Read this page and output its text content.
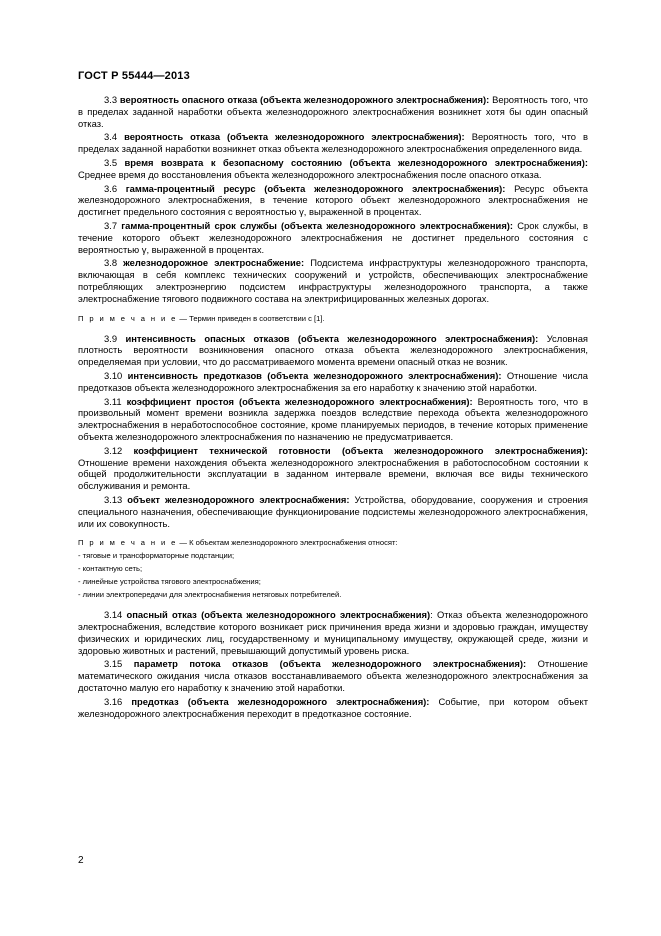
ГОСТ Р 55444—2013

3.3 вероятность опасного отказа (объекта железнодорожного электроснабжения): Вероятность того, что в пределах заданной наработки объекта железнодорожного электроснабжения возникнет хотя бы один опасный отказ.

3.4 вероятность отказа (объекта железнодорожного электроснабжения): Вероятность того, что в пределах заданной наработки возникнет отказ объекта железнодорожного электроснабжения определенного вида.

3.5 время возврата к безопасному состоянию (объекта железнодорожного электроснабжения): Среднее время до восстановления объекта железнодорожного электроснабжения после опасного отказа.

3.6 гамма-процентный ресурс (объекта железнодорожного электроснабжения): Ресурс объекта железнодорожного электроснабжения, в течение которого объект железнодорожного электроснабжения не достигнет предельного состояния с вероятностью γ, выраженной в процентах.

3.7 гамма-процентный срок службы (объекта железнодорожного электроснабжения): Срок службы, в течение которого объект железнодорожного электроснабжения не достигнет предельного состояния с вероятностью γ, выраженной в процентах.

3.8 железнодорожное электроснабжение: Подсистема инфраструктуры железнодорожного транспорта, включающая в себя комплекс технических сооружений и устройств, обеспечивающих электроснабжение потребляющих электроэнергию подсистем инфраструктуры железнодорожного транспорта, а также электроснабжение тягового подвижного состава на электрифицированных железных дорогах.

П р и м е ч а н и е — Термин приведен в соответствии с [1].

3.9 интенсивность опасных отказов (объекта железнодорожного электроснабжения): Условная плотность вероятности возникновения опасного отказа объекта железнодорожного электроснабжения, определяемая при условии, что до рассматриваемого момента времени опасный отказ не возник.

3.10 интенсивность предотказов (объекта железнодорожного электроснабжения): Отношение числа предотказов объекта железнодорожного электроснабжения за его наработку к значению этой наработки.

3.11 коэффициент простоя (объекта железнодорожного электроснабжения): Вероятность того, что в произвольный момент времени возникла задержка поездов вследствие перехода объекта железнодорожного электроснабжения в неработоспособное состояние, кроме планируемых периодов, в течение которых применение объекта железнодорожного электроснабжения по назначению не предусматривается.

3.12 коэффициент технической готовности (объекта железнодорожного электроснабжения): Отношение времени нахождения объекта железнодорожного электроснабжения в работоспособном состоянии к общей продолжительности эксплуатации в заданном интервале времени, включая все виды технического обслуживания и ремонта.

3.13 объект железнодорожного электроснабжения: Устройства, оборудование, сооружения и строения специального назначения, обеспечивающие функционирование подсистемы железнодорожного электроснабжения, или их совокупность.

П р и м е ч а н и е — К объектам железнодорожного электроснабжения относят:
- тяговые и трансформаторные подстанции;
- контактную сеть;
- линейные устройства тягового электроснабжения;
- линии электропередачи для электроснабжения нетяговых потребителей.

3.14 опасный отказ (объекта железнодорожного электроснабжения): Отказ объекта железнодорожного электроснабжения, вследствие которого возникает риск причинения вреда жизни и здоровью граждан, имуществу физических и юридических лиц, государственному и муниципальному имуществу, окружающей среде, жизни и здоровью животных и растений, превышающий допустимый уровень риска.

3.15 параметр потока отказов (объекта железнодорожного электроснабжения): Отношение математического ожидания числа отказов восстанавливаемого объекта железнодорожного электроснабжения за достаточно малую его наработку к значению этой наработки.

3.16 предотказ (объекта железнодорожного электроснабжения): Событие, при котором объект железнодорожного электроснабжения переходит в предотказное состояние.

2
